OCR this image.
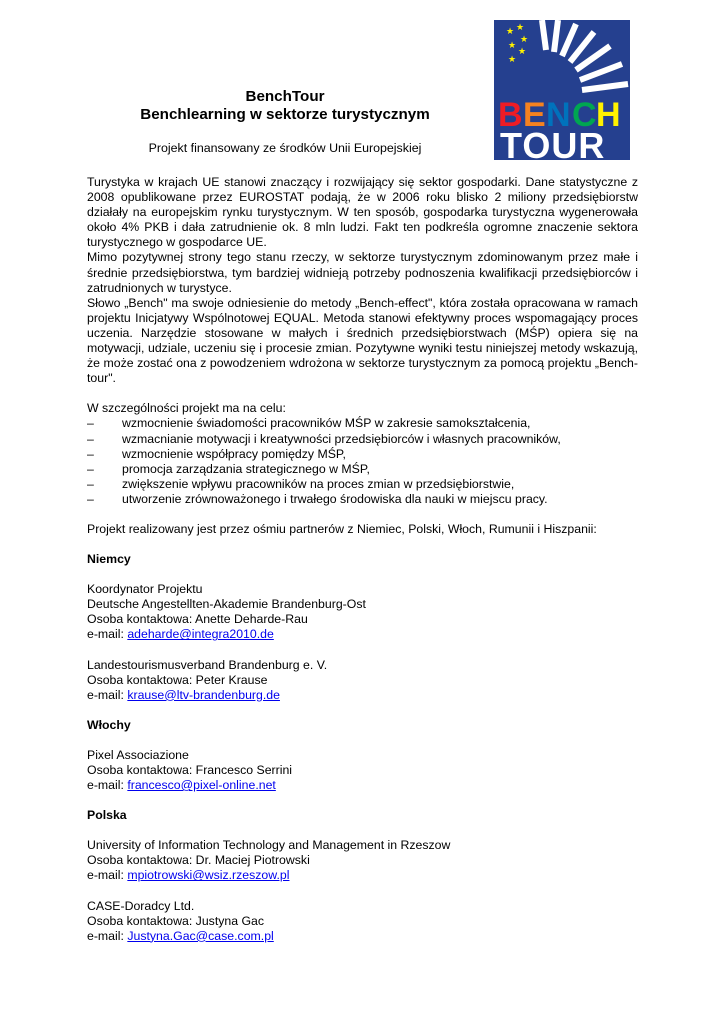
BenchTour
Benchlearning w sektorze turystycznym
Projekt finansowany ze środków Unii Europejskiej
★ ★
★
★
★
★
B E N C H
TOUR

Turystyka w krajach UE stanowi znaczący i rozwijający się sektor gospodarki. Dane statystyczne z 2008 opublikowane przez EUROSTAT podają, że w 2006 roku blisko 2 miliony przedsiębiorstw działały na europejskim rynku turystycznym. W ten sposób, gospodarka turystyczna wygenerowała około 4% PKB i dała zatrudnienie ok. 8 mln ludzi. Fakt ten podkreśla ogromne znaczenie sektora turystycznego w gospodarce UE.

Mimo pozytywnej strony tego stanu rzeczy, w sektorze turystycznym zdominowanym przez małe i średnie przedsiębiorstwa, tym bardziej widnieją potrzeby podnoszenia kwalifikacji przedsiębiorców i zatrudnionych w turystyce.

Słowo „Bench" ma swoje odniesienie do metody „Bench-effect", która została opracowana w ramach projektu Inicjatywy Wspólnotowej EQUAL. Metoda stanowi efektywny proces wspomagający proces uczenia. Narzędzie stosowane w małych i średnich przedsiębiorstwach (MŚP) opiera się na motywacji, udziale, uczeniu się i procesie zmian. Pozytywne wyniki testu niniejszej metody wskazują, że może zostać ona z powodzeniem wdrożona w sektorze turystycznym za pomocą projektu „Bench-tour".

W szczególności projekt ma na celu:

– wzmocnienie świadomości pracowników MŚP w zakresie samokształcenia,
– wzmacnianie motywacji i kreatywności przedsiębiorców i własnych pracowników,
– wzmocnienie współpracy pomiędzy MŚP,
– promocja zarządzania strategicznego w MŚP,
– zwiększenie wpływu pracowników na proces zmian w przedsiębiorstwie,
– utworzenie zrównoważonego i trwałego środowiska dla nauki w miejscu pracy.

Projekt realizowany jest przez ośmiu partnerów z Niemiec, Polski, Włoch, Rumunii i Hiszpanii:

Niemcy

Koordynator Projektu

Deutsche Angestellten-Akademie Brandenburg-Ost

Osoba kontaktowa: Anette Deharde-Rau

e-mail: adeharde@integra2010.de

Landestourismusverband Brandenburg e. V.

Osoba kontaktowa: Peter Krause

e-mail: krause@ltv-brandenburg.de

Włochy

Pixel Associazione

Osoba kontaktowa: Francesco Serrini

e-mail: francesco@pixel-online.net

Polska

University of Information Technology and Management in Rzeszow

Osoba kontaktowa: Dr. Maciej Piotrowski

e-mail: mpiotrowski@wsiz.rzeszow.pl

CASE-Doradcy Ltd.

Osoba kontaktowa: Justyna Gac

e-mail: Justyna.Gac@case.com.pl
